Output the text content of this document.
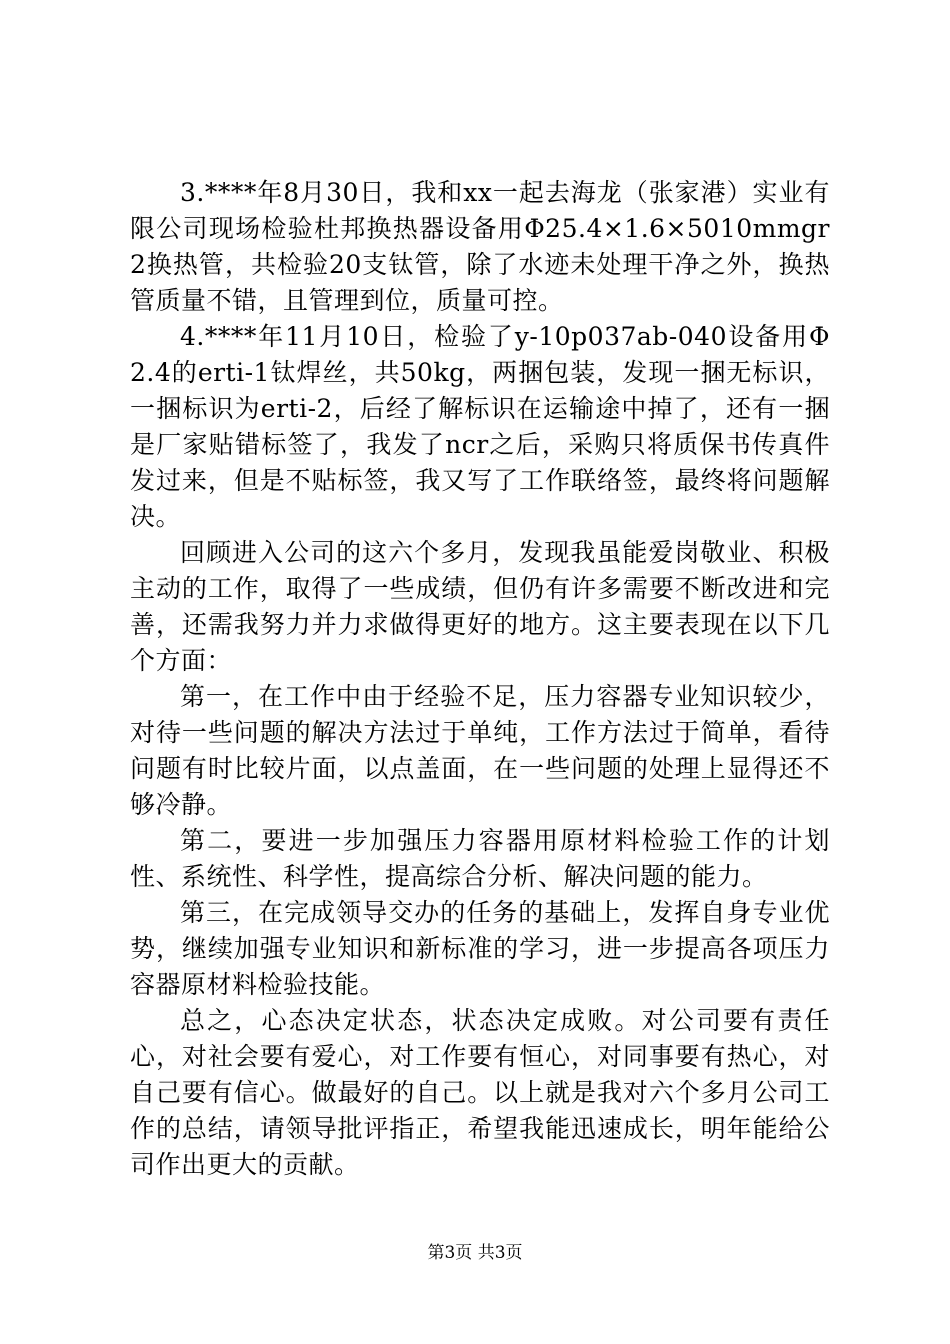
3.****年8月30日，我和xx一起去海龙（张家港）实业有限公司现场检验杜邦换热器设备用Φ25.4×1.6×5010mmgr2换热管，共检验20支钛管，除了水迹未处理干净之外，换热管质量不错，且管理到位，质量可控。

4.****年11月10日，检验了y-10p037ab-040设备用Φ2.4的erti-1钛焊丝，共50kg，两捆包装，发现一捆无标识，一捆标识为erti-2，后经了解标识在运输途中掉了，还有一捆是厂家贴错标签了，我发了ncr之后，采购只将质保书传真件发过来，但是不贴标签，我又写了工作联络签，最终将问题解决。

回顾进入公司的这六个多月，发现我虽能爱岗敬业、积极主动的工作，取得了一些成绩，但仍有许多需要不断改进和完善，还需我努力并力求做得更好的地方。这主要表现在以下几个方面：

第一，在工作中由于经验不足，压力容器专业知识较少，对待一些问题的解决方法过于单纯，工作方法过于简单，看待问题有时比较片面，以点盖面，在一些问题的处理上显得还不够冷静。

第二，要进一步加强压力容器用原材料检验工作的计划性、系统性、科学性，提高综合分析、解决问题的能力。

第三，在完成领导交办的任务的基础上，发挥自身专业优势，继续加强专业知识和新标准的学习，进一步提高各项压力容器原材料检验技能。

总之，心态决定状态，状态决定成败。对公司要有责任心，对社会要有爱心，对工作要有恒心，对同事要有热心，对自己要有信心。做最好的自己。以上就是我对六个多月公司工作的总结，请领导批评指正，希望我能迅速成长，明年能给公司作出更大的贡献。

第3页 共3页
